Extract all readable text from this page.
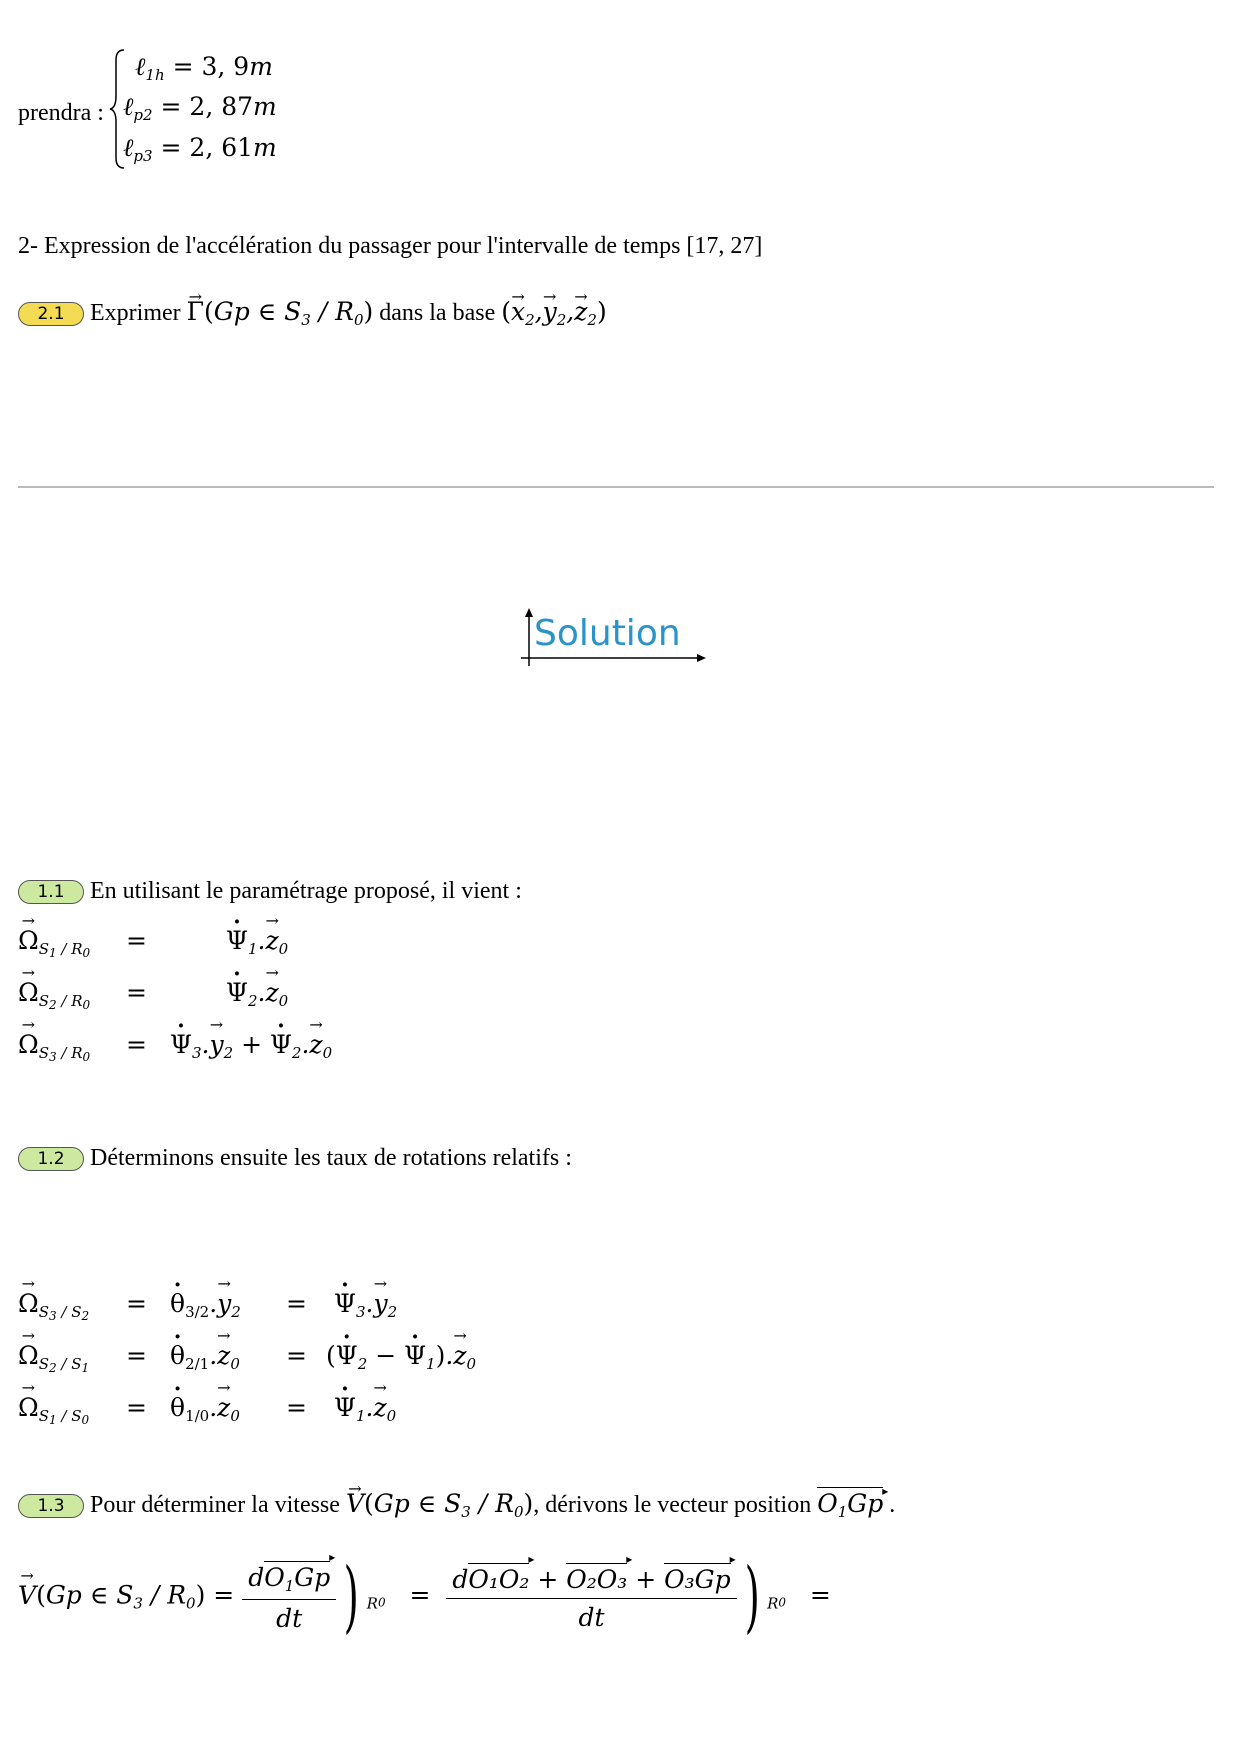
prendra :
ℓ$_{1h}$ = 3, 9m
ℓ$_{p2}$ = 2, 87m
ℓ$_{p3}$ = 2, 61m
2- Expression de l'accélération du passager pour l'intervalle de temps [17, 27]
2.1 Exprimer → Γ(Gp ∈ $S_3 / R_0$) dans la base (→ $x_2,\to y_2,\to z_2$)
Solution
1.1 En utilisant le paramétrage proposé, il vient :
→ $\Omega_{S_1 / R_0}$ =	· $\Psi_1.\to z_0$
→ $\Omega_{S_2 / R_0}$ =	· $\Psi_2.\to z_0$
→ $\Omega_{S_3 / R_0}$ = · $\Psi_3.\to y_2$ + · $\Psi_2.\to z_0$
1.2 Déterminons ensuite les taux de rotations relatifs :
→ $\Omega_{S_3 / S_2}$ = · $\theta_{3/2}.\to y_2$ = · $\Psi_3.\to y_2$
→ $\Omega_{S_2 / S_1}$ = · $\theta_{2/1}.\to z_0$ = (· $\Psi_2$ − · $\Psi_1).\to z_0$
→ $\Omega_{S_1 / S_0}$ = · $\theta_{1/0}.\to z_0$ = · $\Psi_1.\to z_0$
1.3 Pour déterminer la vitesse → V(Gp ∈ $S_3 / R_0$), dérivons le vecteur position $O_1Gp$ ▸ .
→ V(Gp ∈ $S_3 / R_0) = \frac{dO_1Gp ▸}{dt}$ ) $_{R0} = \frac{\text{dO₁O₂ ▸ + O₂O₃ ▸ + O₃Gp ▸}}{dt}$ ) $_{R0}$ =
